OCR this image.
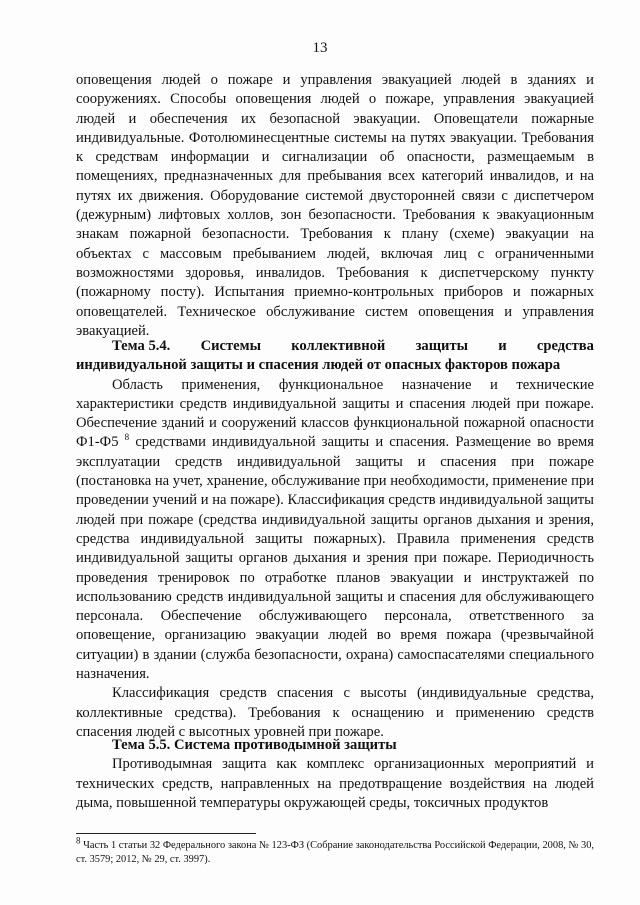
13

оповещения людей о пожаре и управления эвакуацией людей в зданиях и сооружениях. Способы оповещения людей о пожаре, управления эвакуацией людей и обеспечения их безопасной эвакуации. Оповещатели пожарные индивидуальные. Фотолюминесцентные системы на путях эвакуации. Требования к средствам информации и сигнализации об опасности, размещаемым в помещениях, предназначенных для пребывания всех категорий инвалидов, и на путях их движения. Оборудование системой двусторонней связи с диспетчером (дежурным) лифтовых холлов, зон безопасности. Требования к эвакуационным знакам пожарной безопасности. Требования к плану (схеме) эвакуации на объектах с массовым пребыванием людей, включая лиц с ограниченными возможностями здоровья, инвалидов. Требования к диспетчерскому пункту (пожарному посту). Испытания приемно-контрольных приборов и пожарных оповещателей. Техническое обслуживание систем оповещения и управления эвакуацией.

Тема 5.4. Системы коллективной защиты и средства

индивидуальной защиты и спасения людей от опасных факторов пожара

Область применения, функциональное назначение и технические характеристики средств индивидуальной защиты и спасения людей при пожаре. Обеспечение зданий и сооружений классов функциональной пожарной опасности Ф1-Ф5 $^8$ средствами индивидуальной защиты и спасения. Размещение во время эксплуатации средств индивидуальной защиты и спасения при пожаре (постановка на учет, хранение, обслуживание при необходимости, применение при проведении учений и на пожаре). Классификация средств индивидуальной защиты людей при пожаре (средства индивидуальной защиты органов дыхания и зрения, средства индивидуальной защиты пожарных). Правила применения средств индивидуальной защиты органов дыхания и зрения при пожаре. Периодичность проведения тренировок по отработке планов эвакуации и инструктажей по использованию средств индивидуальной защиты и спасения для обслуживающего персонала. Обеспечение обслуживающего персонала, ответственного за оповещение, организацию эвакуации людей во время пожара (чрезвычайной ситуации) в здании (служба безопасности, охрана) самоспасателями специального назначения.

Классификация средств спасения с высоты (индивидуальные средства, коллективные средства). Требования к оснащению и применению средств спасения людей с высотных уровней при пожаре.

Тема 5.5. Система противодымной защиты

Противодымная защита как комплекс организационных мероприятий и технических средств, направленных на предотвращение воздействия на людей дыма, повышенной температуры окружающей среды, токсичных продуктов

$^8$ Часть 1 статьи 32 Федерального закона № 123-ФЗ (Собрание законодательства Российской Федерации, 2008, № 30, ст. 3579; 2012, № 29, ст. 3997).
